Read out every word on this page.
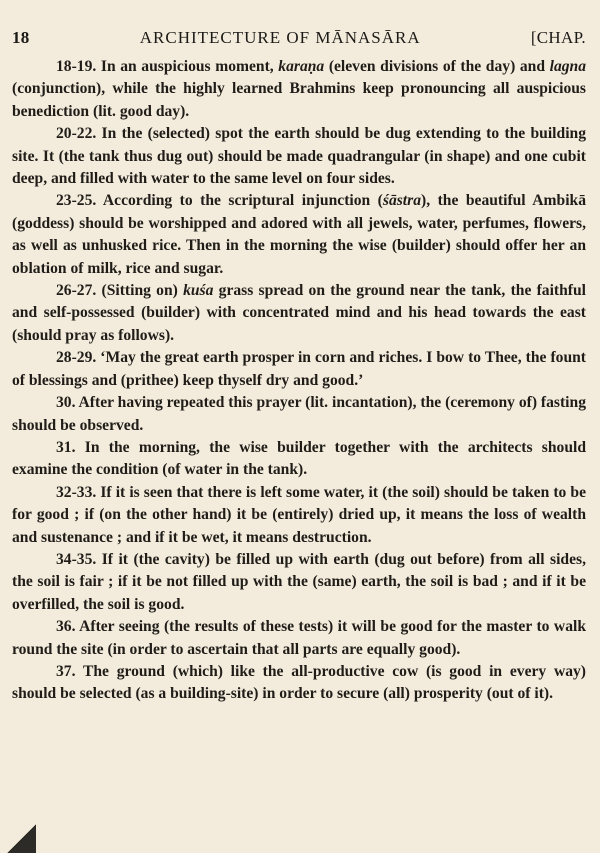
18	ARCHITECTURE OF MĀNASĀRA	[CHAP.

18-19. In an auspicious moment, karaṇa (eleven divisions of the day) and lagna (conjunction), while the highly learned Brahmins keep pronouncing all auspicious benediction (lit. good day).

20-22. In the (selected) spot the earth should be dug extending to the building site. It (the tank thus dug out) should be made quadrangular (in shape) and one cubit deep, and filled with water to the same level on four sides.

23-25. According to the scriptural injunction (śāstra), the beautiful Ambikā (goddess) should be worshipped and adored with all jewels, water, perfumes, flowers, as well as unhusked rice. Then in the morning the wise (builder) should offer her an oblation of milk, rice and sugar.

26-27. (Sitting on) kuśa grass spread on the ground near the tank, the faithful and self-possessed (builder) with concentrated mind and his head towards the east (should pray as follows).

28-29. ‘May the great earth prosper in corn and riches. I bow to Thee, the fount of blessings and (prithee) keep thyself dry and good.’

30. After having repeated this prayer (lit. incantation), the (ceremony of) fasting should be observed.

31. In the morning, the wise builder together with the architects should examine the condition (of water in the tank).

32-33. If it is seen that there is left some water, it (the soil) should be taken to be for good ; if (on the other hand) it be (entirely) dried up, it means the loss of wealth and sustenance ; and if it be wet, it means destruction.

34-35. If it (the cavity) be filled up with earth (dug out before) from all sides, the soil is fair ; if it be not filled up with the (same) earth, the soil is bad ; and if it be overfilled, the soil is good.

36. After seeing (the results of these tests) it will be good for the master to walk round the site (in order to ascertain that all parts are equally good).

37. The ground (which) like the all-productive cow (is good in every way) should be selected (as a building-site) in order to secure (all) prosperity (out of it).
